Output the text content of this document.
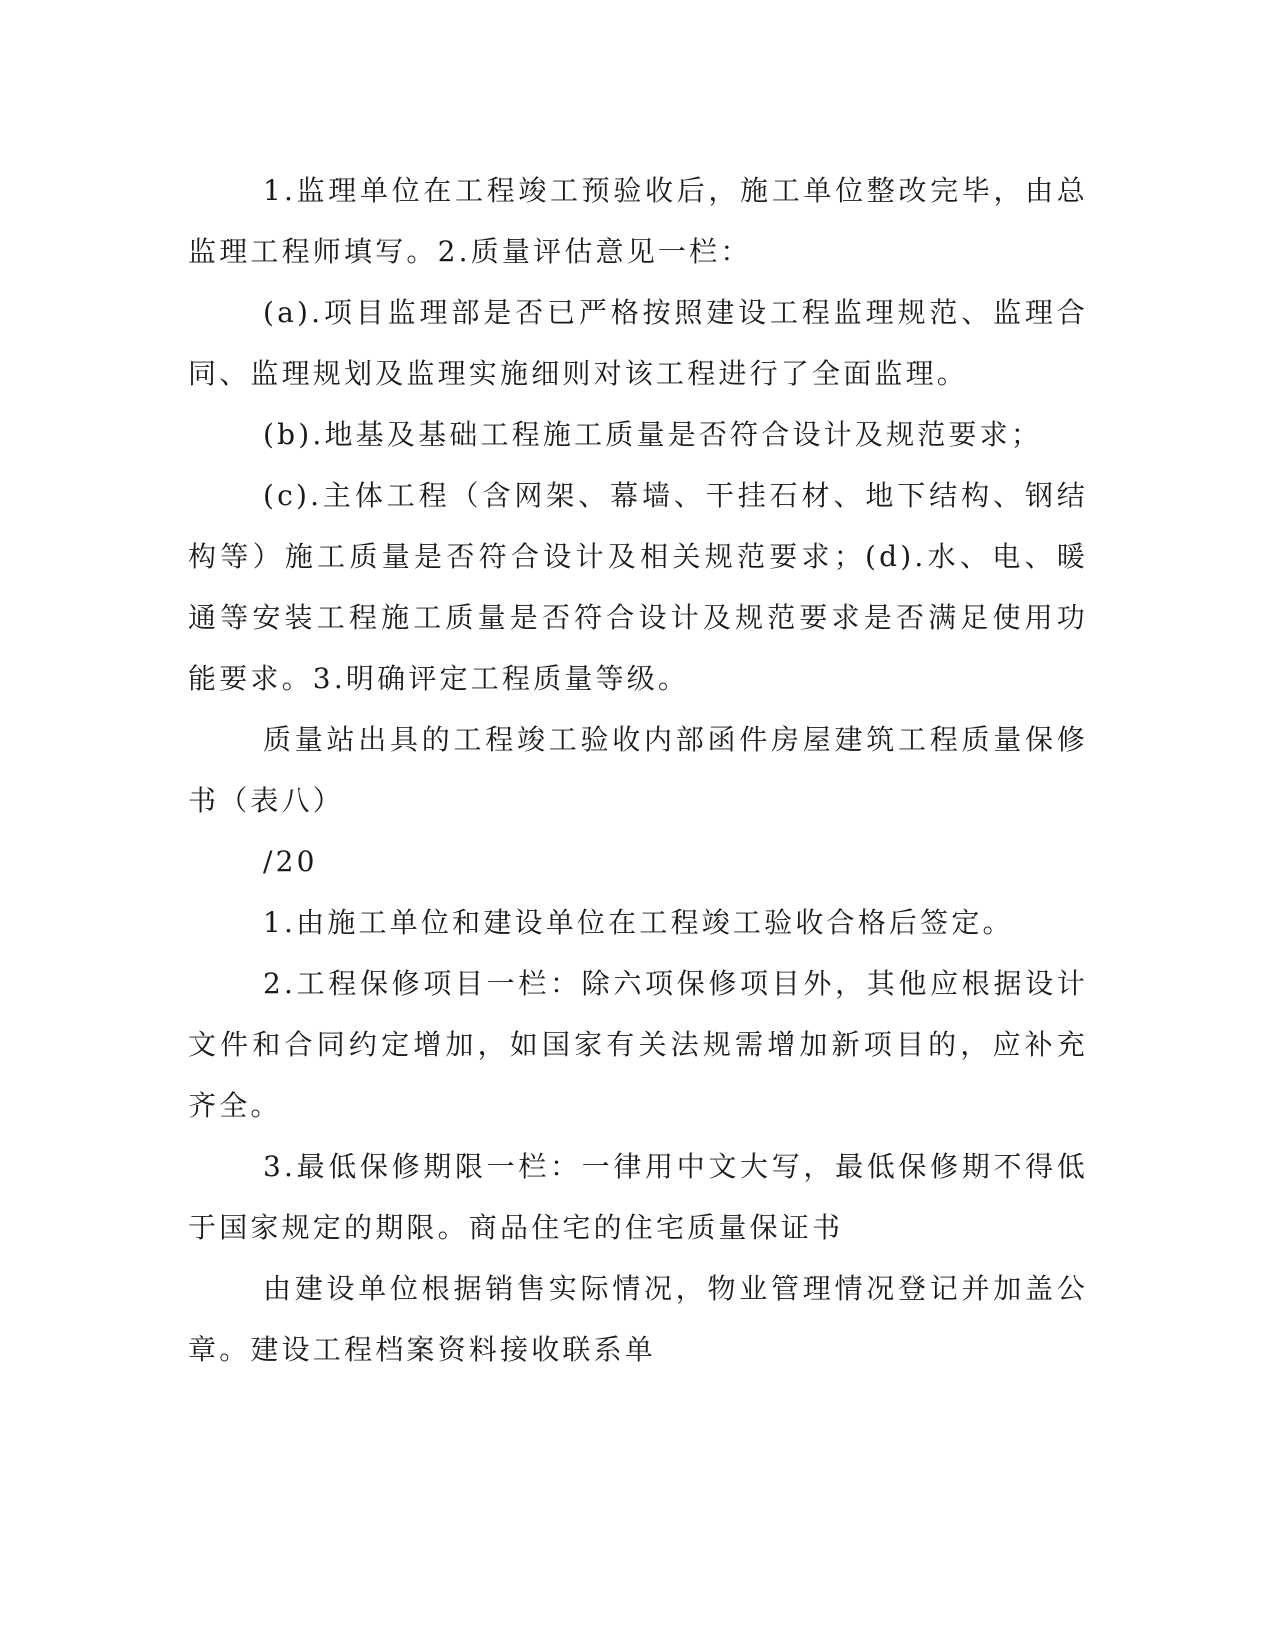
1.监理单位在工程竣工预验收后，施工单位整改完毕，由总监理工程师填写。2.质量评估意见一栏：

(a).项目监理部是否已严格按照建设工程监理规范、监理合同、监理规划及监理实施细则对该工程进行了全面监理。

(b).地基及基础工程施工质量是否符合设计及规范要求；

(c).主体工程（含网架、幕墙、干挂石材、地下结构、钢结构等）施工质量是否符合设计及相关规范要求；(d).水、电、暖通等安装工程施工质量是否符合设计及规范要求是否满足使用功能要求。3.明确评定工程质量等级。

质量站出具的工程竣工验收内部函件房屋建筑工程质量保修书（表八）

/20

1.由施工单位和建设单位在工程竣工验收合格后签定。

2.工程保修项目一栏：除六项保修项目外，其他应根据设计文件和合同约定增加，如国家有关法规需增加新项目的，应补充齐全。

3.最低保修期限一栏：一律用中文大写，最低保修期不得低于国家规定的期限。商品住宅的住宅质量保证书

由建设单位根据销售实际情况，物业管理情况登记并加盖公章。建设工程档案资料接收联系单
